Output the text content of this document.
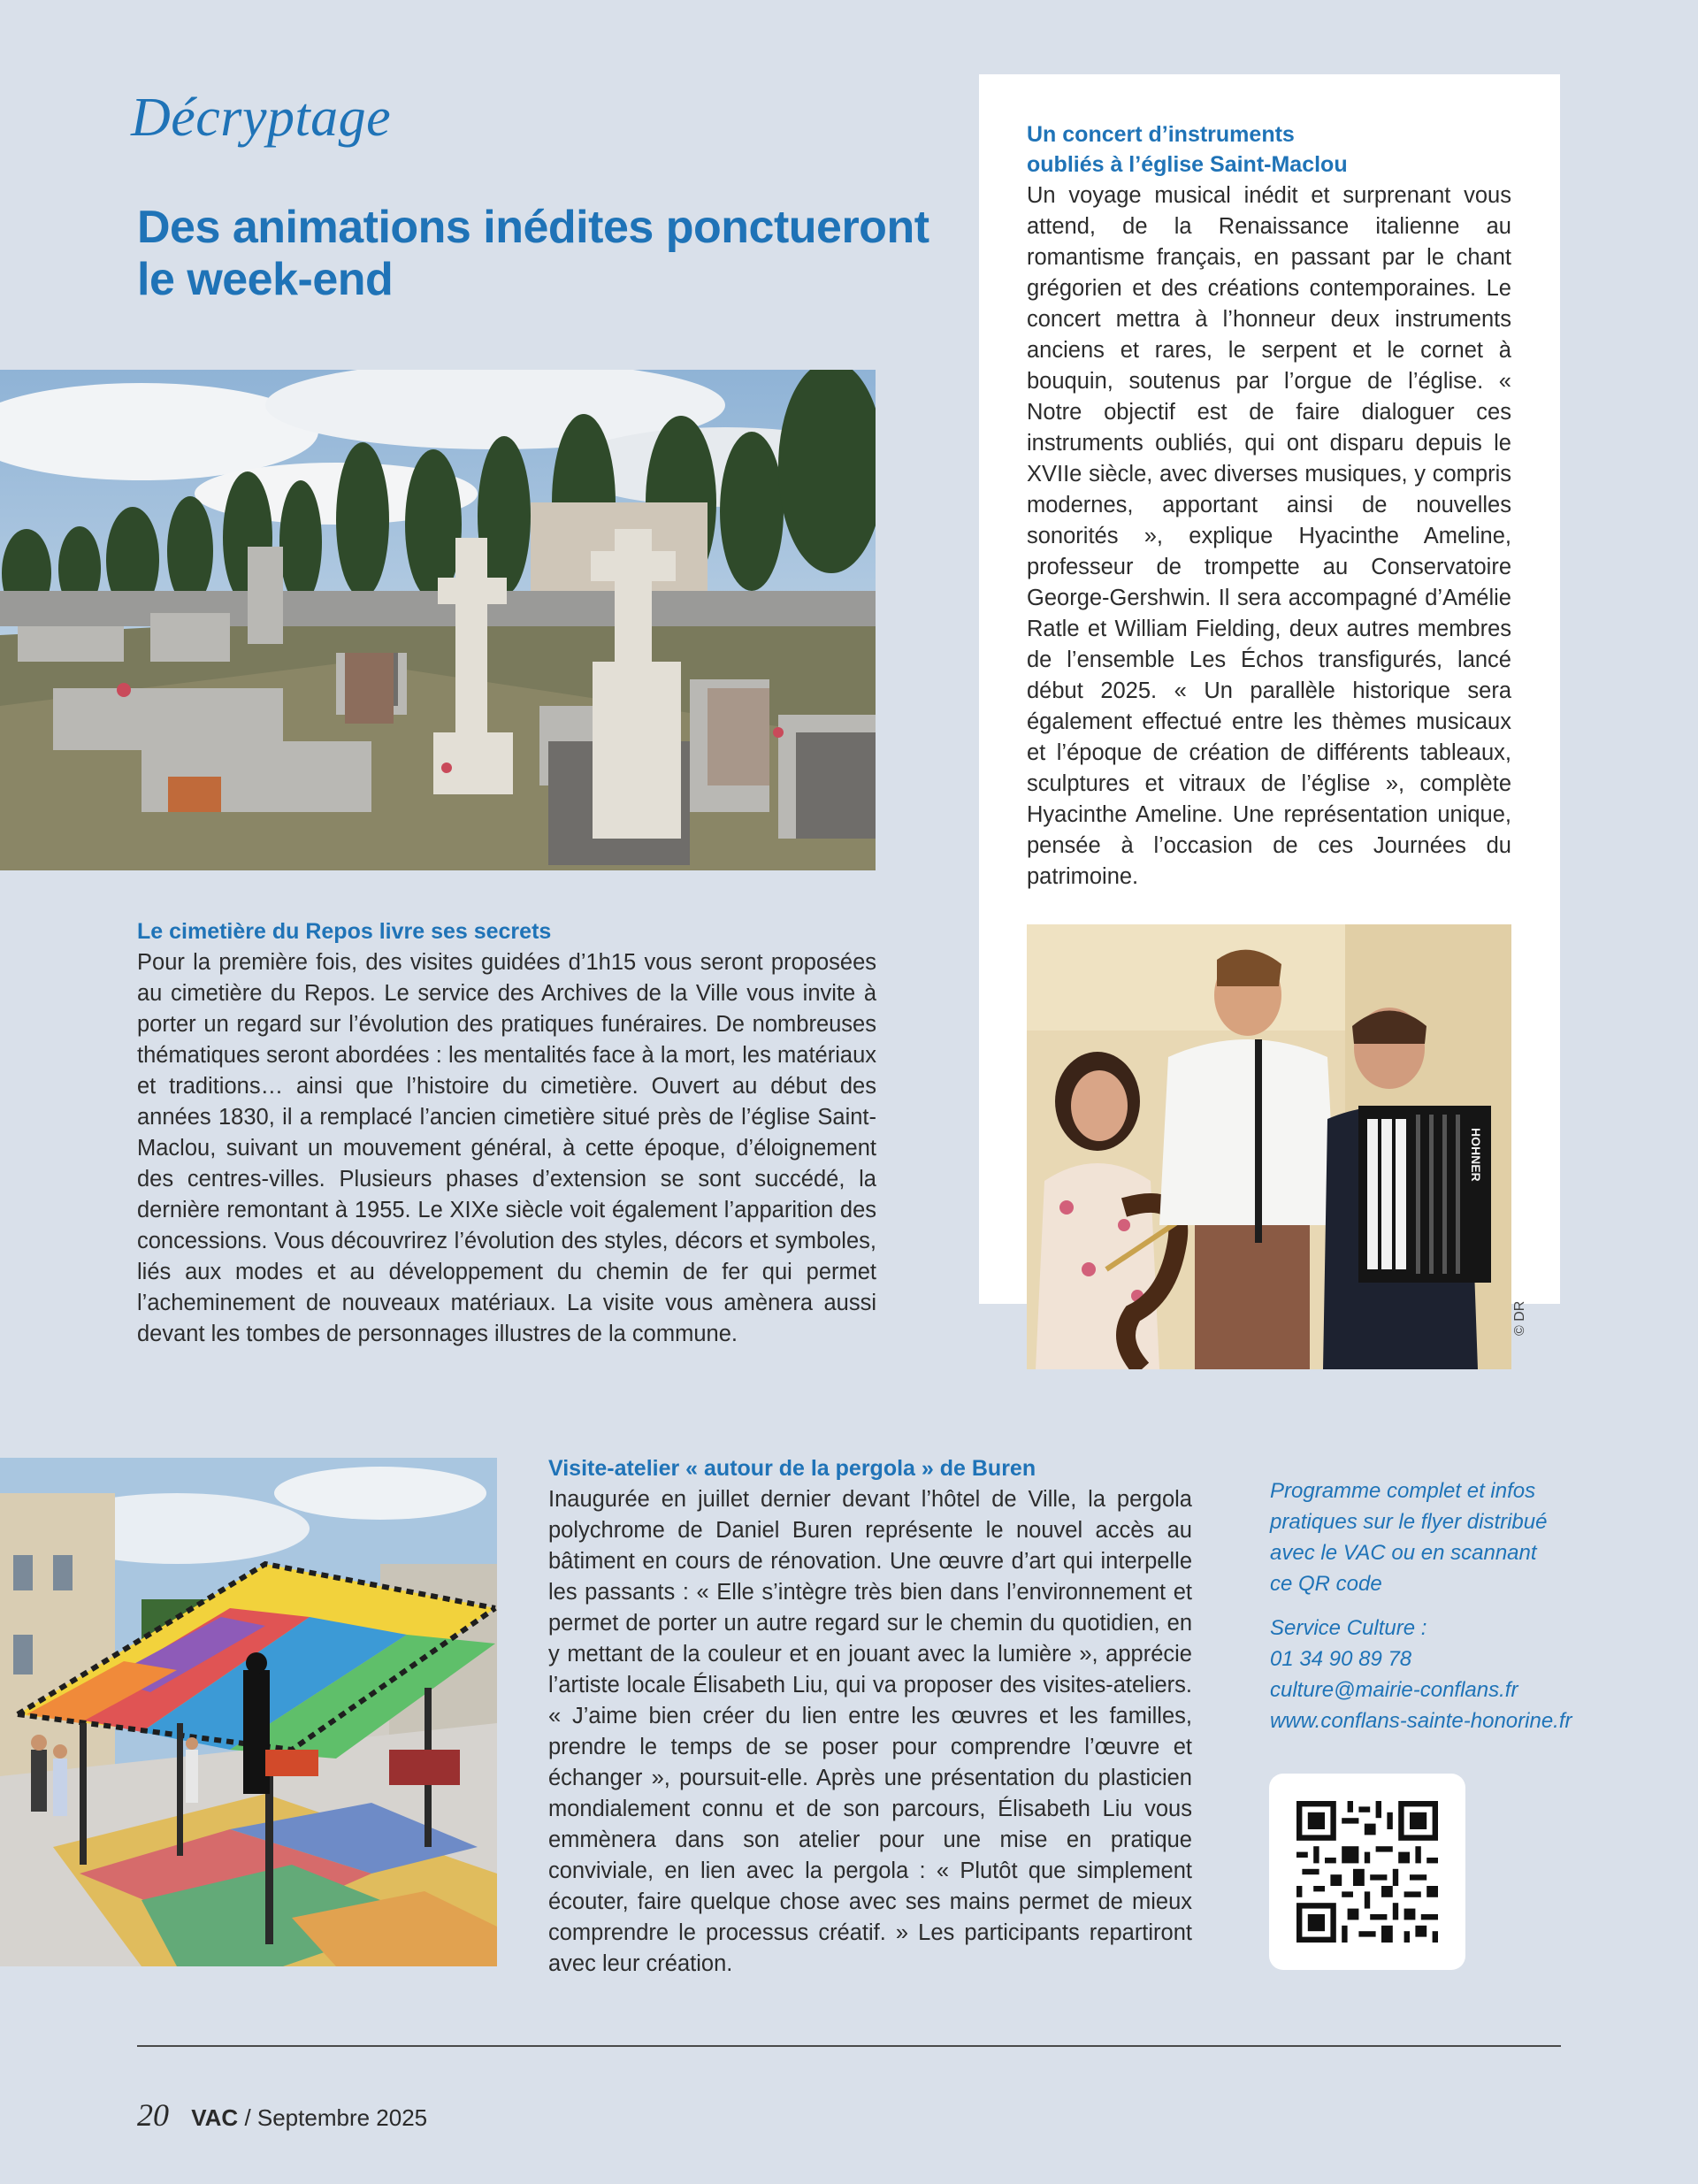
Décryptage
Des animations inédites ponctueront le week-end
Le cimetière du Repos livre ses secrets
Pour la première fois, des visites guidées d’1h15 vous seront proposées au cimetière du Repos. Le service des Archives de la Ville vous invite à porter un regard sur l’évolution des pratiques funéraires. De nombreuses thématiques seront abordées : les mentalités face à la mort, les matériaux et traditions… ainsi que l’histoire du cimetière. Ouvert au début des années 1830, il a remplacé l’ancien cimetière situé près de l’église Saint-Maclou, suivant un mouvement général, à cette époque, d’éloignement des centres-villes. Plusieurs phases d’extension se sont succédé, la dernière remontant à 1955. Le XIXe siècle voit également l’apparition des concessions. Vous découvrirez l’évolution des styles, décors et symboles, liés aux modes et au développement du chemin de fer qui permet l’acheminement de nouveaux matériaux. La visite vous amènera aussi devant les tombes de personnages illustres de la commune.
Un concert d’instruments
oubliés à l’église Saint-Maclou
Un voyage musical inédit et surprenant vous attend, de la Renaissance italienne au romantisme français, en passant par le chant grégorien et des créations contemporaines. Le concert mettra à l’honneur deux instruments anciens et rares, le serpent et le cornet à bouquin, soutenus par l’orgue de l’église. « Notre objectif est de faire dialoguer ces instruments oubliés, qui ont disparu depuis le XVIIe siècle, avec diverses musiques, y compris modernes, apportant ainsi de nouvelles sonorités », explique Hyacinthe Ameline, professeur de trompette au Conservatoire George-Gershwin. Il sera accompagné d’Amélie Ratle et William Fielding, deux autres membres de l’ensemble Les Échos transfigurés, lancé début 2025. « Un parallèle historique sera également effectué entre les thèmes musicaux et l’époque de création de différents tableaux, sculptures et vitraux de l’église », complète Hyacinthe Ameline. Une représentation unique, pensée à l’occasion de ces Journées du patrimoine.
HOHNER
© DR
Visite-atelier « autour de la pergola » de Buren
Inaugurée en juillet dernier devant l’hôtel de Ville, la pergola polychrome de Daniel Buren représente le nouvel accès au bâtiment en cours de rénovation. Une œuvre d’art qui interpelle les passants : « Elle s’intègre très bien dans l’environnement et permet de porter un autre regard sur le chemin du quotidien, en y mettant de la couleur et en jouant avec la lumière », apprécie l’artiste locale Élisabeth Liu, qui va proposer des visites-ateliers. « J’aime bien créer du lien entre les œuvres et les familles, prendre le temps de se poser pour comprendre l’œuvre et échanger », poursuit-elle. Après une présentation du plasticien mondialement connu et de son parcours, Élisabeth Liu vous emmènera dans son atelier pour une mise en pratique conviviale, en lien avec la pergola : « Plutôt que simplement écouter, faire quelque chose avec ses mains permet de mieux comprendre le processus créatif. » Les participants repartiront avec leur création.
Programme complet et infos
pratiques sur le flyer distribué
avec le VAC ou en scannant
ce QR code
Service Culture :
01 34 90 89 78
culture@mairie-conflans.fr
www.conflans-sainte-honorine.fr
20 VAC / Septembre 2025
